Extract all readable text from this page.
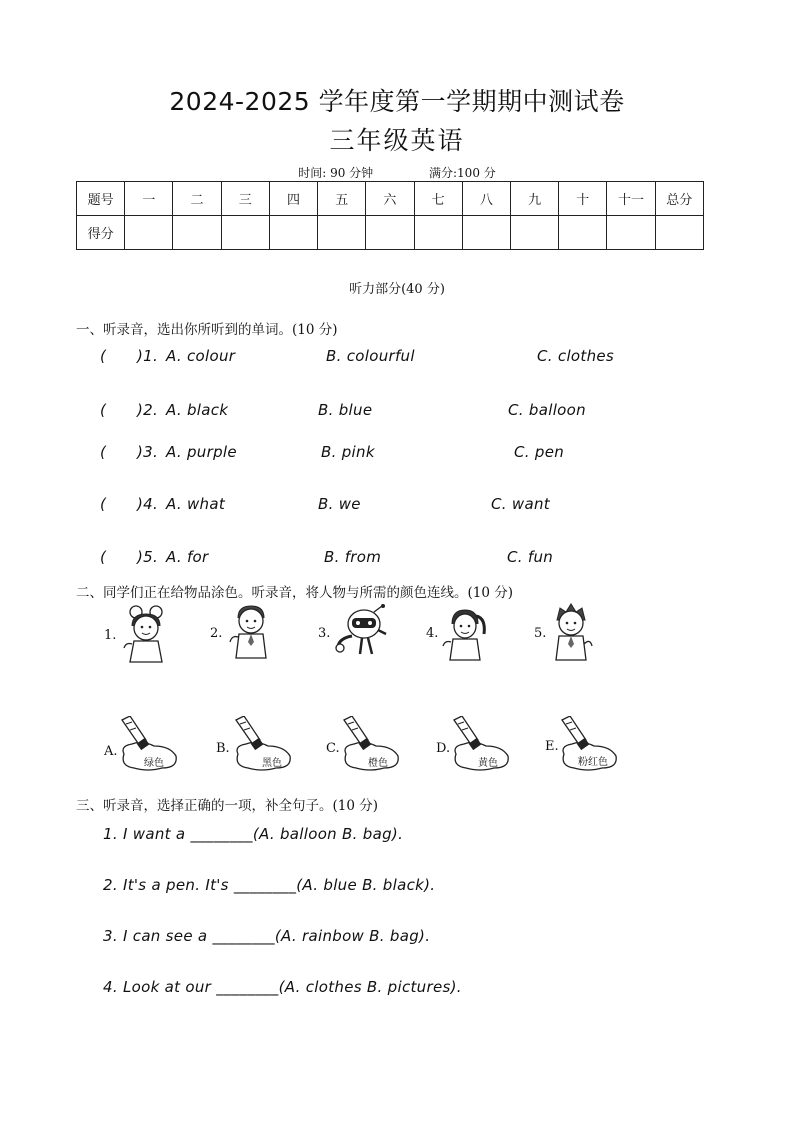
2024-2025 学年度第一学期期中测试卷
三年级英语
时间: 90 分钟	满分:100 分
题号	一	二	三	四	五	六	七	八	九	十	十一	总分
得分												
听力部分(40 分)
一、听录音，选出你所听到的单词。(10 分)
( )1. A. colour	B. colourful	C. clothes
( )2. A. black	B. blue	C. balloon
( )3. A. purple	B. pink	C. pen
( )4. A. what	B. we	C. want
( )5. A. for	B. from	C. fun
二、同学们正在给物品涂色。听录音，将人物与所需的颜色连线。(10 分)
1.	2.	3.	4.	5.
A.
绿色
B.
黑色
C.
橙色
D.
黄色
E.
粉红色
三、听录音，选择正确的一项，补全句子。(10 分)
1. I want a ________(A. balloon B. bag).
2. It's a pen. It's ________(A. blue B. black).
3. I can see a ________(A. rainbow B. bag).
4. Look at our ________(A. clothes B. pictures).
